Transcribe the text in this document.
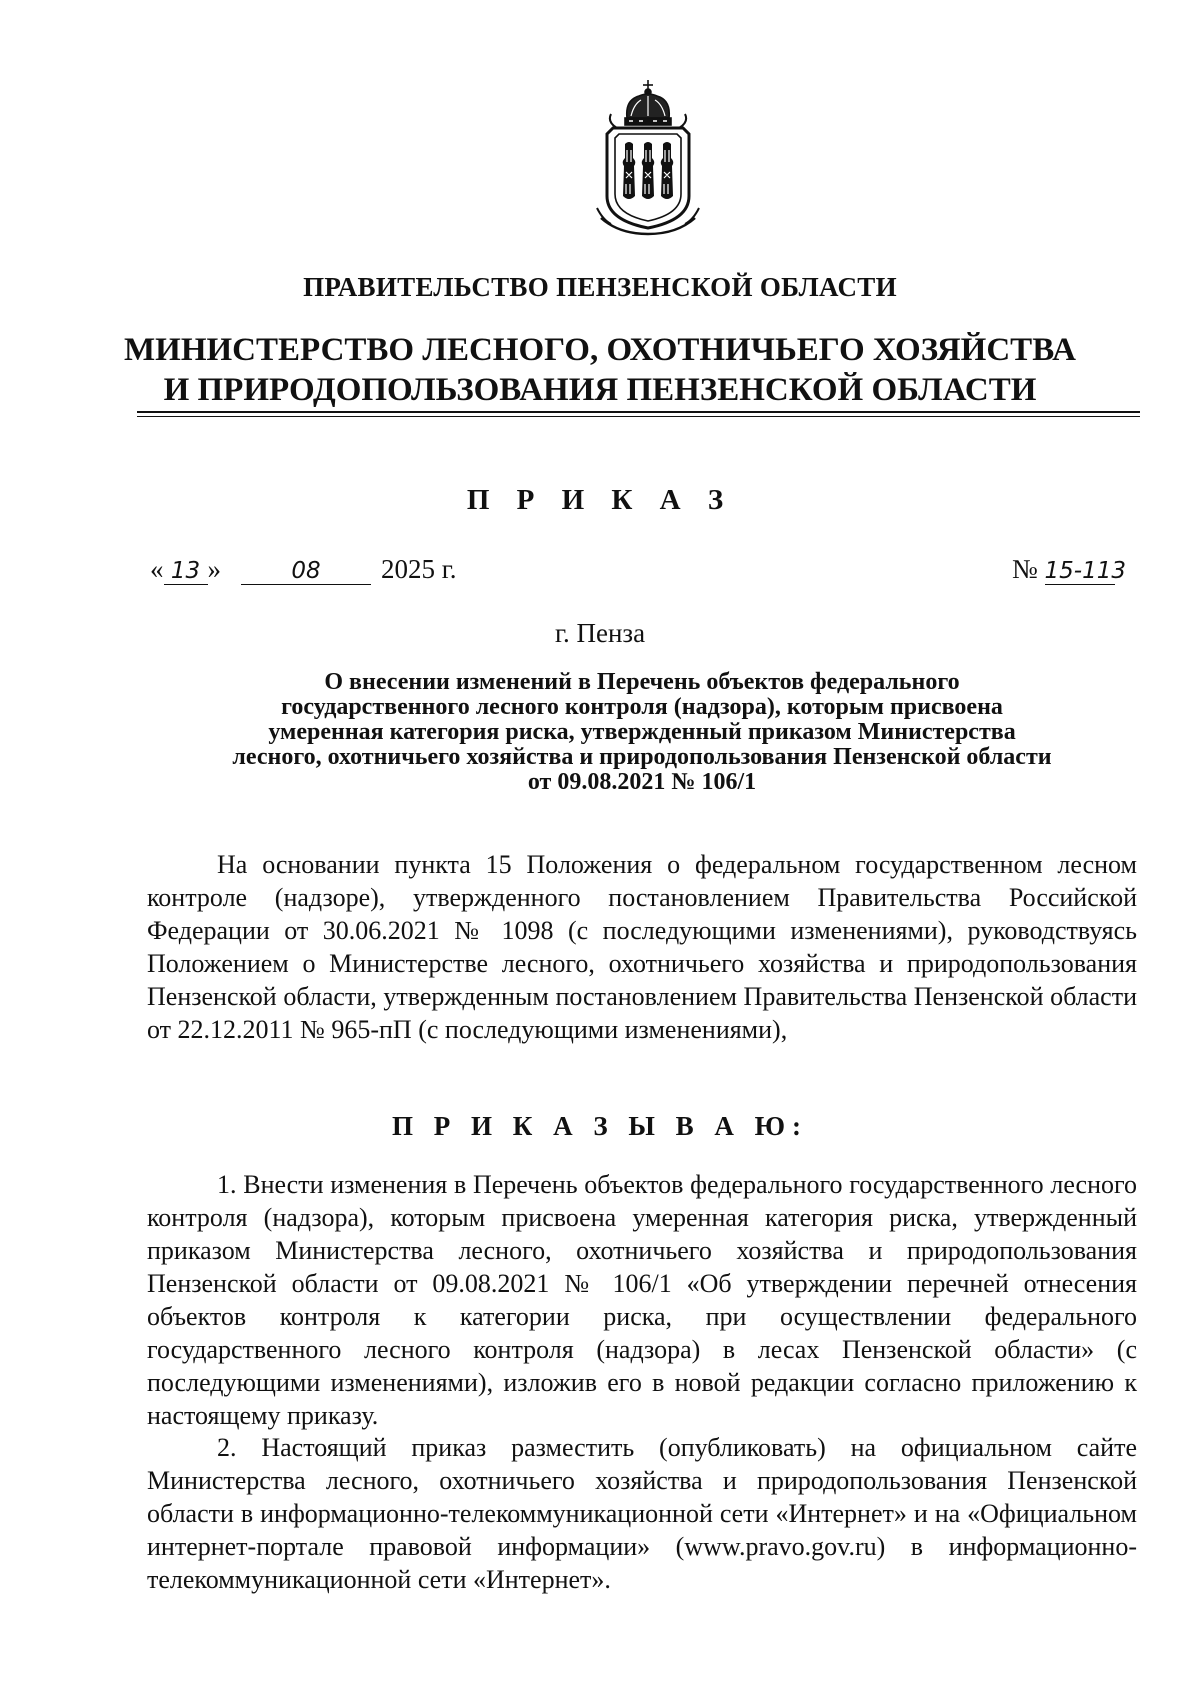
ПРАВИТЕЛЬСТВО ПЕНЗЕНСКОЙ ОБЛАСТИ
МИНИСТЕРСТВО ЛЕСНОГО, ОХОТНИЧЬЕГО ХОЗЯЙСТВА
И ПРИРОДОПОЛЬЗОВАНИЯ ПЕНЗЕНСКОЙ ОБЛАСТИ
П Р И К А З
« 13 »	08 2025 г.	№ 15-113
г. Пенза
О внесении изменений в Перечень объектов федерального
государственного лесного контроля (надзора), которым присвоена
умеренная категория риска, утвержденный приказом Министерства
лесного, охотничьего хозяйства и природопользования Пензенской области
от 09.08.2021 № 106/1

На основании пункта 15 Положения о федеральном государственном лесном контроле (надзоре), утвержденного постановлением Правительства Российской Федерации от 30.06.2021 № 1098 (с последующими изменениями), руководствуясь Положением о Министерстве лесного, охотничьего хозяйства и природопользования Пензенской области, утвержденным постановлением Правительства Пензенской области от 22.12.2011 № 965-пП (с последующими изменениями),

П Р И К А З Ы В А Ю:

1. Внести изменения в Перечень объектов федерального государственного лесного контроля (надзора), которым присвоена умеренная категория риска, утвержденный приказом Министерства лесного, охотничьего хозяйства и природопользования Пензенской области от 09.08.2021 № 106/1 «Об утверждении перечней отнесения объектов контроля к категории риска, при осуществлении федерального государственного лесного контроля (надзора) в лесах Пензенской области» (с последующими изменениями), изложив его в новой редакции согласно приложению к настоящему приказу.

2. Настоящий приказ разместить (опубликовать) на официальном сайте Министерства лесного, охотничьего хозяйства и природопользования Пензенской области в информационно-телекоммуникационной сети «Интернет» и на «Официальном интернет-портале правовой информации» (www.pravo.gov.ru) в информационно-телекоммуникационной сети «Интернет».
